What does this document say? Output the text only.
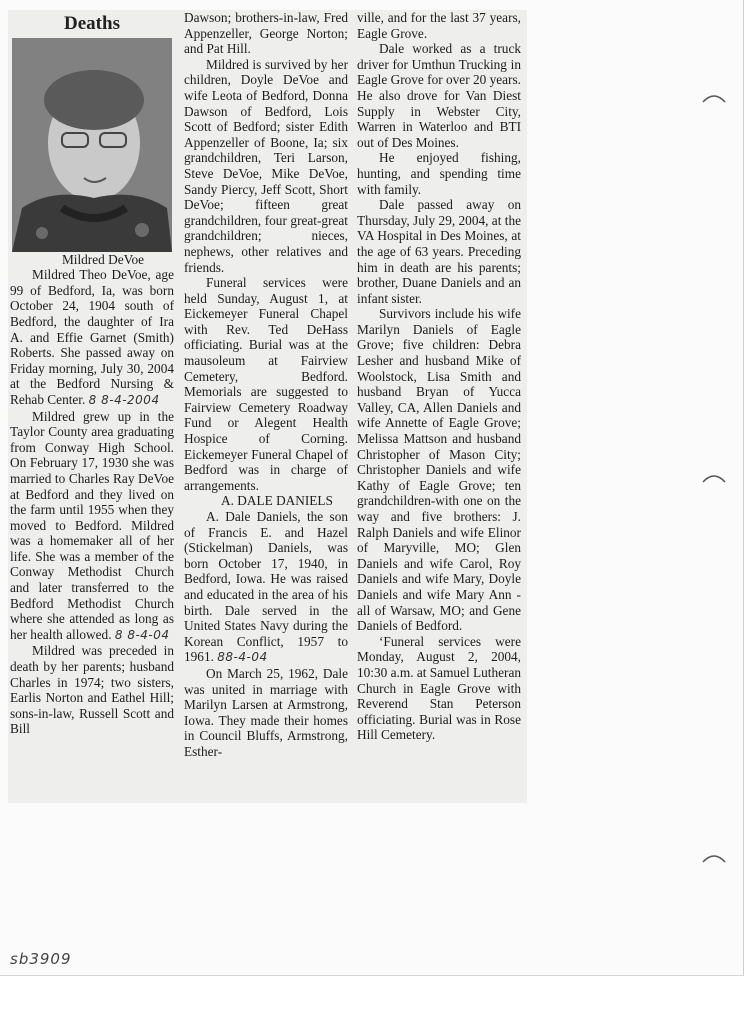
Deaths

Mildred DeVoe

Mildred Theo DeVoe, age 99 of Bedford, Ia, was born October 24, 1904 south of Bedford, the daughter of Ira A. and Effie Garnet (Smith) Roberts. She passed away on Friday morning, July 30, 2004 at the Bedford Nursing & Rehab Center. 8 8-4-2004

Mildred grew up in the Taylor County area graduating from Conway High School. On February 17, 1930 she was married to Charles Ray DeVoe at Bedford and they lived on the farm until 1955 when they moved to Bedford. Mildred was a homemaker all of her life. She was a member of the Conway Methodist Church and later transferred to the Bedford Methodist Church where she attended as long as her health allowed. 8 8-4-04

Mildred was preceded in death by her parents; husband Charles in 1974; two sisters, Earlis Norton and Eathel Hill; sons-in-law, Russell Scott and Bill

Dawson; brothers-in-law, Fred Appenzeller, George Norton; and Pat Hill.

Mildred is survived by her children, Doyle DeVoe and wife Leota of Bedford, Donna Dawson of Bedford, Lois Scott of Bedford; sister Edith Appenzeller of Boone, Ia; six grandchildren, Teri Larson, Steve DeVoe, Mike DeVoe, Sandy Piercy, Jeff Scott, Short DeVoe; fifteen great grandchildren, four great-great grandchildren; nieces, nephews, other relatives and friends.

Funeral services were held Sunday, August 1, at Eickemeyer Funeral Chapel with Rev. Ted DeHass officiating. Burial was at the mausoleum at Fairview Cemetery, Bedford. Memorials are suggested to Fairview Cemetery Roadway Fund or Alegent Health Hospice of Corning. Eickemeyer Funeral Chapel of Bedford was in charge of arrangements.

A. DALE DANIELS

A. Dale Daniels, the son of Francis E. and Hazel (Stickelman) Daniels, was born October 17, 1940, in Bedford, Iowa. He was raised and educated in the area of his birth. Dale served in the United States Navy during the Korean Conflict, 1957 to 1961. 88-4-04

On March 25, 1962, Dale was united in marriage with Marilyn Larsen at Armstrong, Iowa. They made their homes in Council Bluffs, Armstrong, Esther-

ville, and for the last 37 years, Eagle Grove.

Dale worked as a truck driver for Umthun Trucking in Eagle Grove for over 20 years. He also drove for Van Diest Supply in Webster City, Warren in Waterloo and BTI out of Des Moines.

He enjoyed fishing, hunting, and spending time with family.

Dale passed away on Thursday, July 29, 2004, at the VA Hospital in Des Moines, at the age of 63 years. Preceding him in death are his parents; brother, Duane Daniels and an infant sister.

Survivors include his wife Marilyn Daniels of Eagle Grove; five children: Debra Lesher and husband Mike of Woolstock, Lisa Smith and husband Bryan of Yucca Valley, CA, Allen Daniels and wife Annette of Eagle Grove; Melissa Mattson and husband Christopher of Mason City; Christopher Daniels and wife Kathy of Eagle Grove; ten grandchildren-with one on the way and five brothers: J. Ralph Daniels and wife Elinor of Maryville, MO; Glen Daniels and wife Carol, Roy Daniels and wife Mary, Doyle Daniels and wife Mary Ann - all of Warsaw, MO; and Gene Daniels of Bedford.

‘Funeral services were Monday, August 2, 2004, 10:30 a.m. at Samuel Lutheran Church in Eagle Grove with Reverend Stan Peterson officiating. Burial was in Rose Hill Cemetery.

sb3909
